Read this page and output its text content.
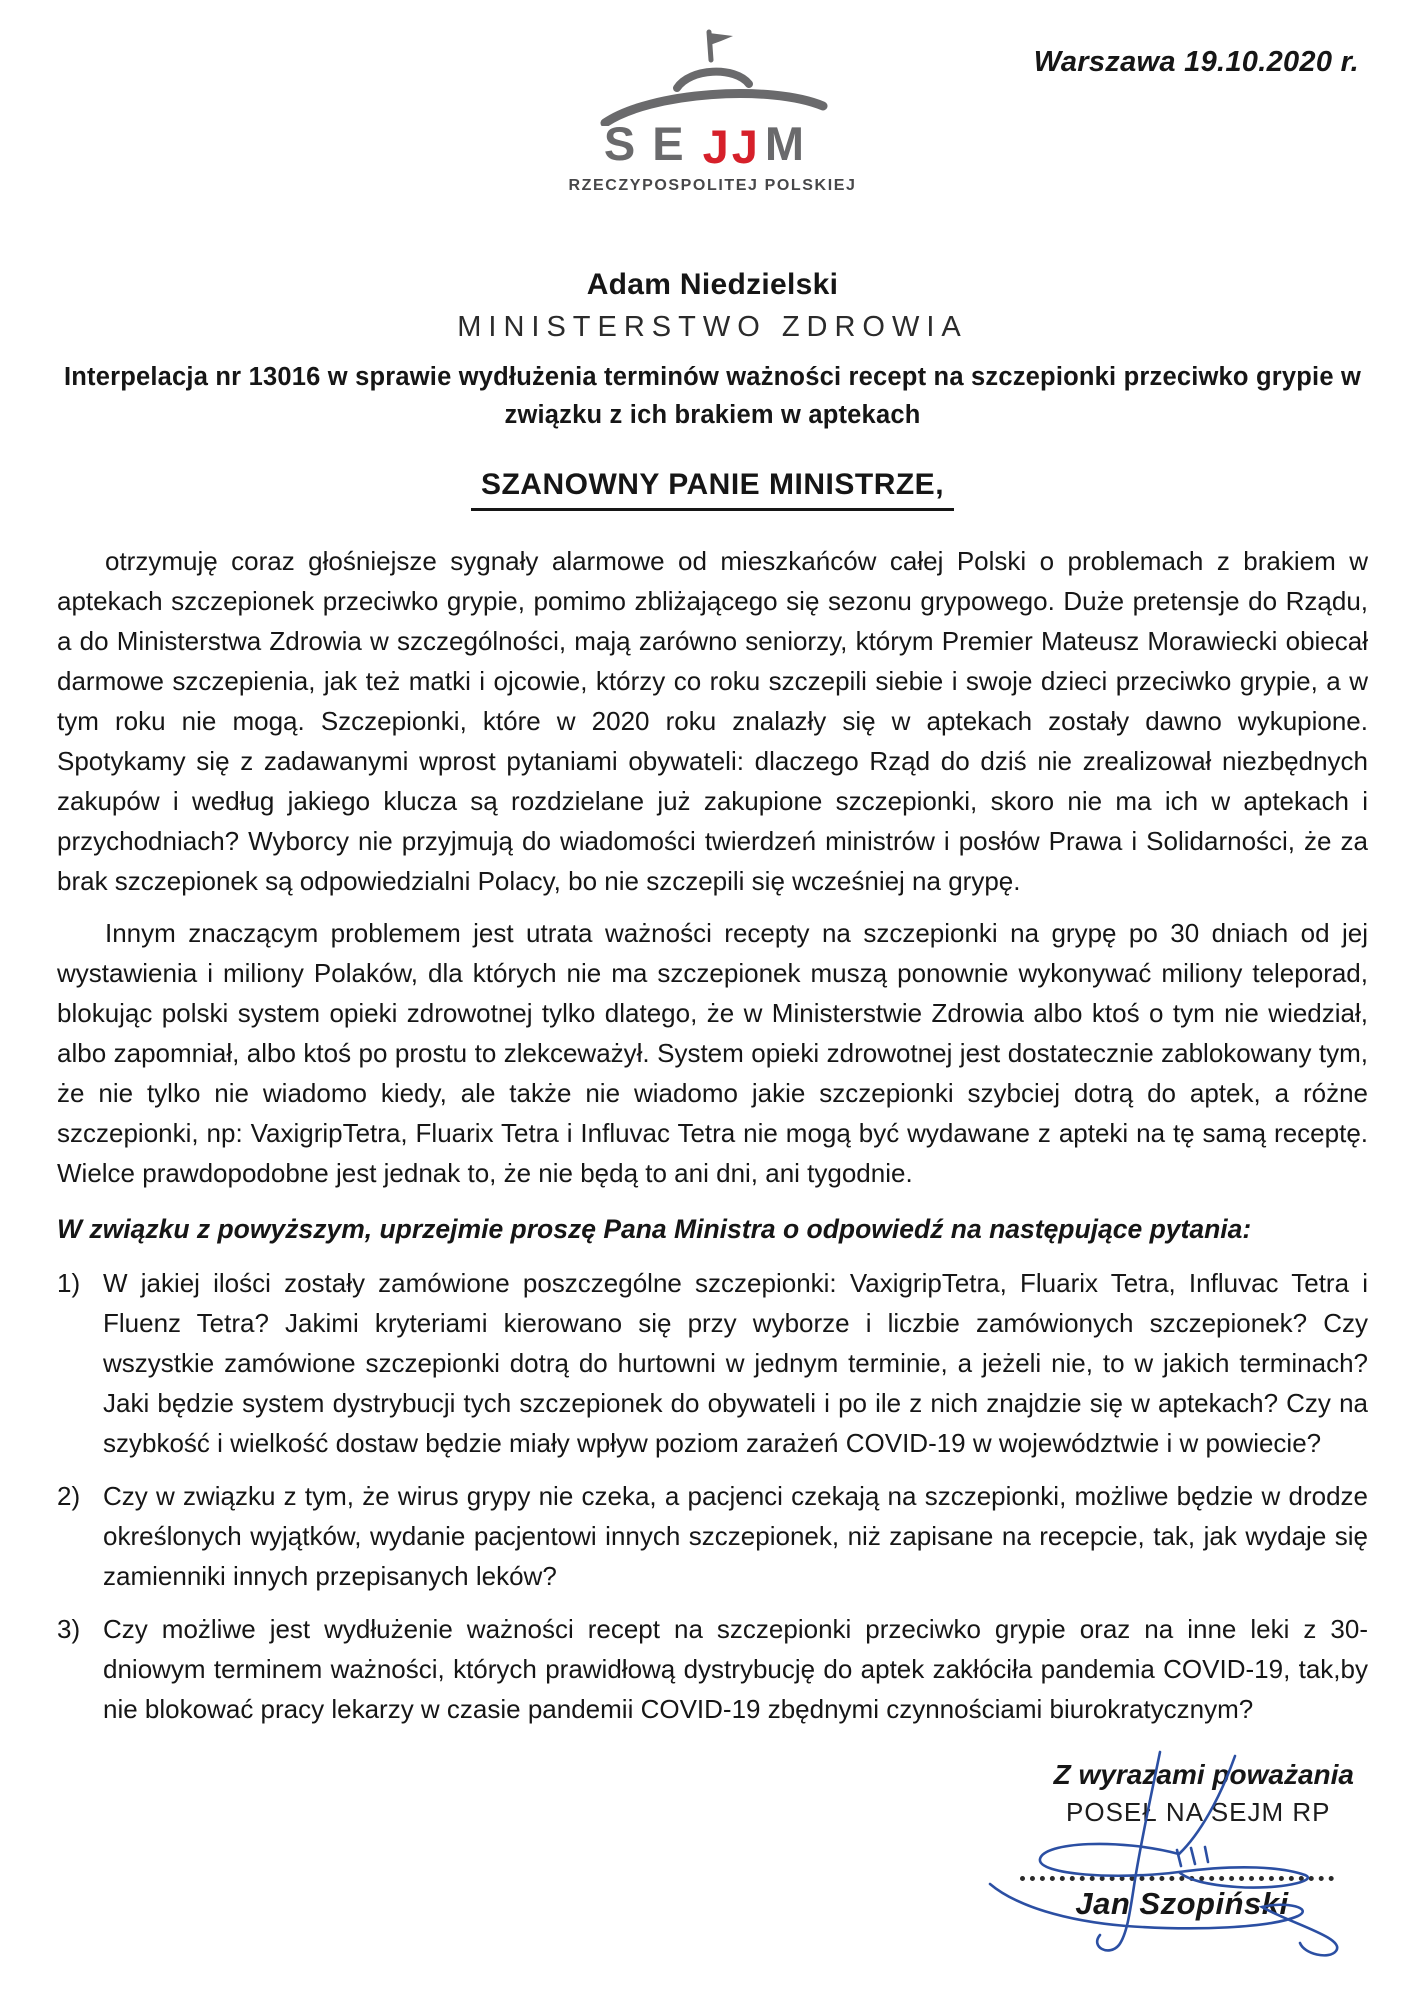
Warszawa 19.10.2020 r.
SE JJ M
RZECZYPOSPOLITEJ POLSKIEJ
Adam Niedzielski
MINISTERSTWO ZDROWIA
Interpelacja nr 13016 w sprawie wydłużenia terminów ważności recept na szczepionki przeciwko grypie w związku z ich brakiem w aptekach
SZANOWNY PANIE MINISTRZE,

otrzymuję coraz głośniejsze sygnały alarmowe od mieszkańców całej Polski o problemach z brakiem w aptekach szczepionek przeciwko grypie, pomimo zbliżającego się sezonu grypowego. Duże pretensje do Rządu, a do Ministerstwa Zdrowia w szczególności, mają zarówno seniorzy, którym Premier Mateusz Morawiecki obiecał darmowe szczepienia, jak też matki i ojcowie, którzy co roku szczepili siebie i swoje dzieci przeciwko grypie, a w tym roku nie mogą. Szczepionki, które w 2020 roku znalazły się w aptekach zostały dawno wykupione. Spotykamy się z zadawanymi wprost pytaniami obywateli: dlaczego Rząd do dziś nie zrealizował niezbędnych zakupów i według jakiego klucza są rozdzielane już zakupione szczepionki, skoro nie ma ich w aptekach i przychodniach? Wyborcy nie przyjmują do wiadomości twierdzeń ministrów i posłów Prawa i Solidarności, że za brak szczepionek są odpowiedzialni Polacy, bo nie szczepili się wcześniej na grypę.

Innym znaczącym problemem jest utrata ważności recepty na szczepionki na grypę po 30 dniach od jej wystawienia i miliony Polaków, dla których nie ma szczepionek muszą ponownie wykonywać miliony teleporad, blokując polski system opieki zdrowotnej tylko dlatego, że w Ministerstwie Zdrowia albo ktoś o tym nie wiedział, albo zapomniał, albo ktoś po prostu to zlekceważył. System opieki zdrowotnej jest dostatecznie zablokowany tym, że nie tylko nie wiadomo kiedy, ale także nie wiadomo jakie szczepionki szybciej dotrą do aptek, a różne szczepionki, np: VaxigripTetra, Fluarix Tetra i Influvac Tetra nie mogą być wydawane z apteki na tę samą receptę. Wielce prawdopodobne jest jednak to, że nie będą to ani dni, ani tygodnie.

W związku z powyższym, uprzejmie proszę Pana Ministra o odpowiedź na następujące pytania:
1) W jakiej ilości zostały zamówione poszczególne szczepionki: VaxigripTetra, Fluarix Tetra, Influvac Tetra i Fluenz Tetra? Jakimi kryteriami kierowano się przy wyborze i liczbie zamówionych szczepionek? Czy wszystkie zamówione szczepionki dotrą do hurtowni w jednym terminie, a jeżeli nie, to w jakich terminach? Jaki będzie system dystrybucji tych szczepionek do obywateli i po ile z nich znajdzie się w aptekach? Czy na szybkość i wielkość dostaw będzie miały wpływ poziom zarażeń COVID-19 w województwie i w powiecie?
2) Czy w związku z tym, że wirus grypy nie czeka, a pacjenci czekają na szczepionki, możliwe będzie w drodze określonych wyjątków, wydanie pacjentowi innych szczepionek, niż zapisane na recepcie, tak, jak wydaje się zamienniki innych przepisanych leków?
3) Czy możliwe jest wydłużenie ważności recept na szczepionki przeciwko grypie oraz na inne leki z 30-dniowym terminem ważności, których prawidłową dystrybucję do aptek zakłóciła pandemia COVID-19, tak,by nie blokować pracy lekarzy w czasie pandemii COVID-19 zbędnymi czynnościami biurokratycznym?
Z wyrazami poważania
POSEŁ NA SEJM RP
Jan Szopiński
